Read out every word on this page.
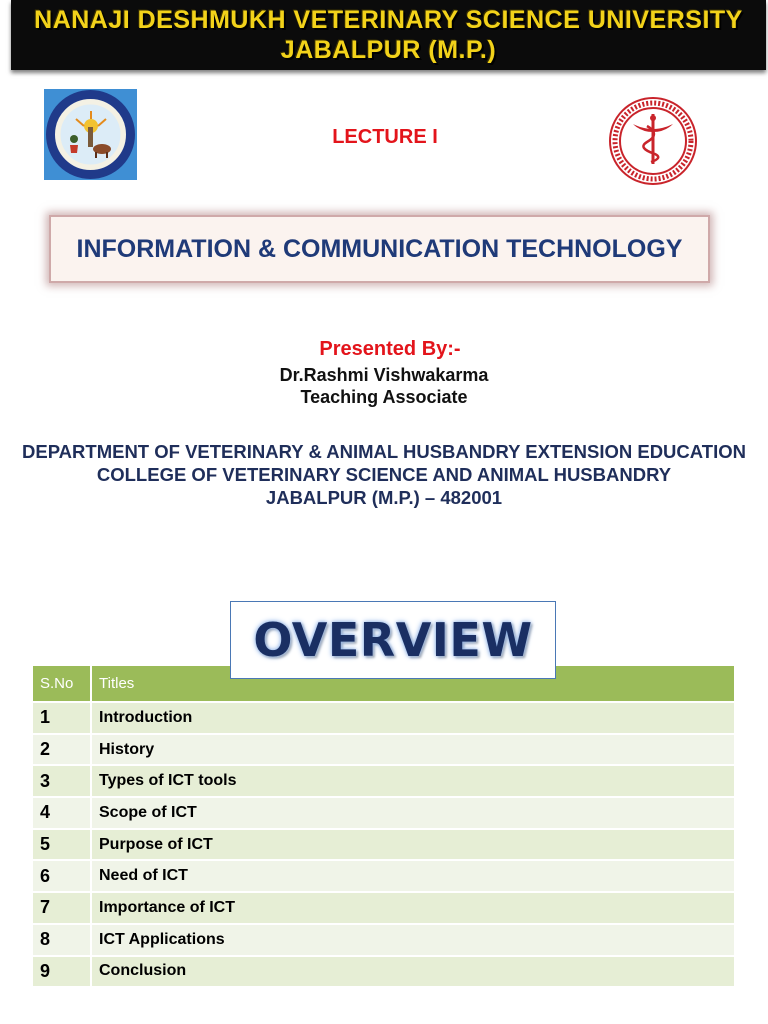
NANAJI DESHMUKH VETERINARY SCIENCE UNIVERSITY
JABALPUR (M.P.)
LECTURE I
INFORMATION & COMMUNICATION TECHNOLOGY
Presented By:-
Dr.Rashmi Vishwakarma
Teaching Associate
DEPARTMENT OF VETERINARY & ANIMAL HUSBANDRY EXTENSION EDUCATION
COLLEGE OF VETERINARY SCIENCE AND ANIMAL HUSBANDRY
JABALPUR (M.P.) – 482001
OVERVIEW
S.No	Titles
1	Introduction
2	History
3	Types of ICT tools
4	Scope of ICT
5	Purpose of ICT
6	Need of ICT
7	Importance of ICT
8	ICT Applications
9	Conclusion
